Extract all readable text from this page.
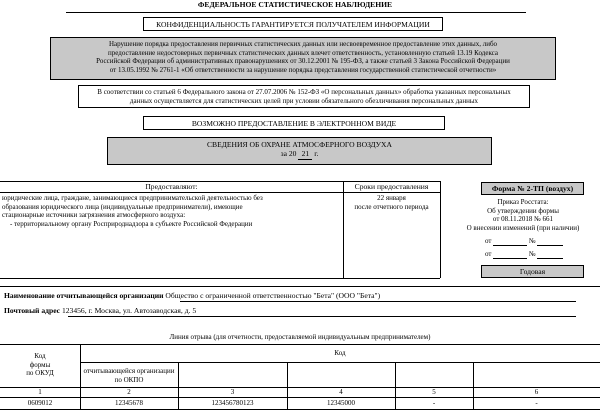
ФЕДЕРАЛЬНОЕ СТАТИСТИЧЕСКОЕ НАБЛЮДЕНИЕ
КОНФИДЕНЦИАЛЬНОСТЬ ГАРАНТИРУЕТСЯ ПОЛУЧАТЕЛЕМ ИНФОРМАЦИИ
Нарушение порядка предоставления первичных статистических данных или несвоевременное предоставление этих данных, либо
предоставление недостоверных первичных статистических данных влечет ответственность, установленную статьей 13.19 Кодекса
Российской Федерации об административных правонарушениях от 30.12.2001 № 195-ФЗ, а также статьей 3 Закона Российской Федерации
от 13.05.1992 № 2761-1 «Об ответственности за нарушение порядка представления государственной статистической отчетности»
В соответствии со статьей 6 Федерального закона от 27.07.2006 № 152-ФЗ «О персональных данных» обработка указанных персональных
данных осуществляется для статистических целей при условии обязательного обезличивания персональных данных
ВОЗМОЖНО ПРЕДОСТАВЛЕНИЕ В ЭЛЕКТРОННОМ ВИДЕ
СВЕДЕНИЯ ОБ ОХРАНЕ АТМОСФЕРНОГО ВОЗДУХА
за 20 21 г.
Предоставляют:	Сроки предоставления
юридические лица, граждане, занимающиеся предпринимательской деятельностью без
образования юридического лица (индивидуальные предприниматели), имеющие
стационарные источники загрязнения атмосферного воздуха:
- территориальному органу Росприроднадзора в субъекте Российской Федерации
22 января
после отчетного периода
Форма № 2-ТП (воздух)
Приказ Росстата:
Об утверждении формы
от 08.11.2018 № 661
О внесении изменений (при наличии)
от	№
от	№
Годовая
Наименование отчитывающейся организации Общество с ограниченной ответственностью "Бета" (ООО "Бета")
Почтовый адрес 123456, г. Москва, ул. Автозаводская, д. 5
Линия отрыва (для отчетности, предоставляемой индивидуальным предпринимателем)
Код
формы
по ОКУД
Код
отчитывающейся организации
по ОКПО
1	2	3	4	5	6
0609012	12345678	123456780123	12345000	-	-
